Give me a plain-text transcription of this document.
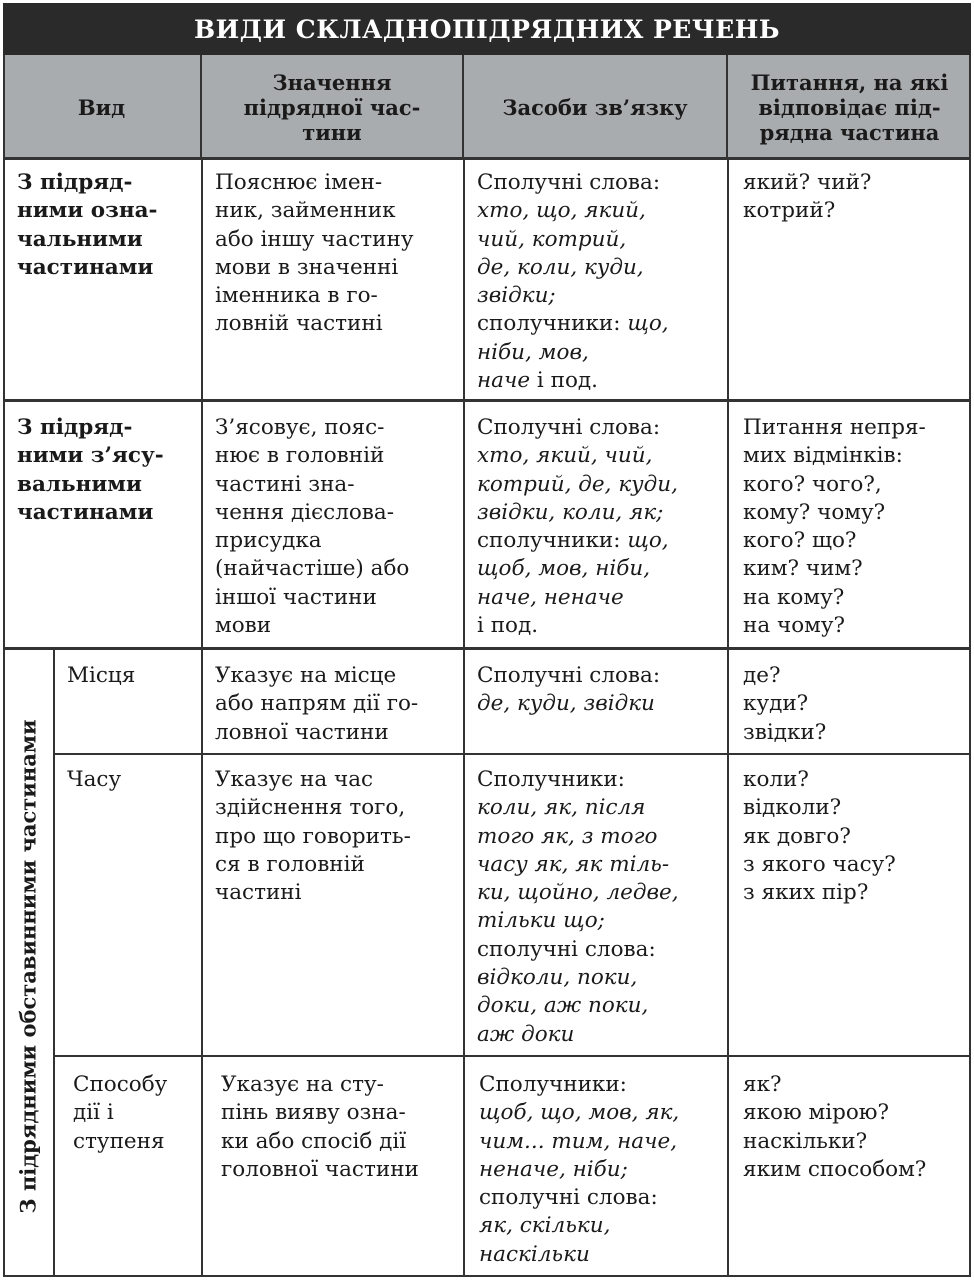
ВИДИ СКЛАДНОПІДРЯДНИХ РЕЧЕНЬ
Вид
Значення
підрядної час-
тини
Засоби зв’язку
Питання, на які
відповідає під-
рядна частина
З підряд-
ними озна-
чальними
частинами
Пояснює імен-
ник, займенник
або іншу частину
мови в значенні
іменника в го-
ловній частині
Сполучні слова:
хто, що, який,
чий, котрий,
де, коли, куди,
звідки;
сполучники: що,
ніби, мов,
наче і под.
який? чий?
котрий?
З підряд-
ними з’ясу-
вальними
частинами
З’ясовує, пояс-
нює в головній
частині зна-
чення дієслова-
присудка
(найчастіше) або
іншої частини
мови
Сполучні слова:
хто, який, чий,
котрий, де, куди,
звідки, коли, як;
сполучники: що,
щоб, мов, ніби,
наче, неначе
і под.
Питання непря-
мих відмінків:
кого? чого?,
кому? чому?
кого? що?
ким? чим?
на кому?
на чому?
З підрядними обставинними частинами
Місця	Указує на місце
або напрям дії го-
ловної частини
Сполучні слова:
де, куди, звідки
де?
куди?
звідки?
Часу	Указує на час
здійснення того,
про що говорить-
ся в головній
частині
Сполучники:
коли, як, після
того як, з того
часу як, як тіль-
ки, щойно, ледве,
тільки що;
сполучні слова:
відколи, поки,
доки, аж поки,
аж доки
коли?
відколи?
як довго?
з якого часу?
з яких пір?
Способу
дії і
ступеня
Указує на сту-
пінь вияву озна-
ки або спосіб дії
головної частини
Сполучники:
щоб, що, мов, як,
чим... тим, наче,
неначе, ніби;
сполучні слова:
як, скільки,
наскільки
як?
якою мірою?
наскільки?
яким способом?
